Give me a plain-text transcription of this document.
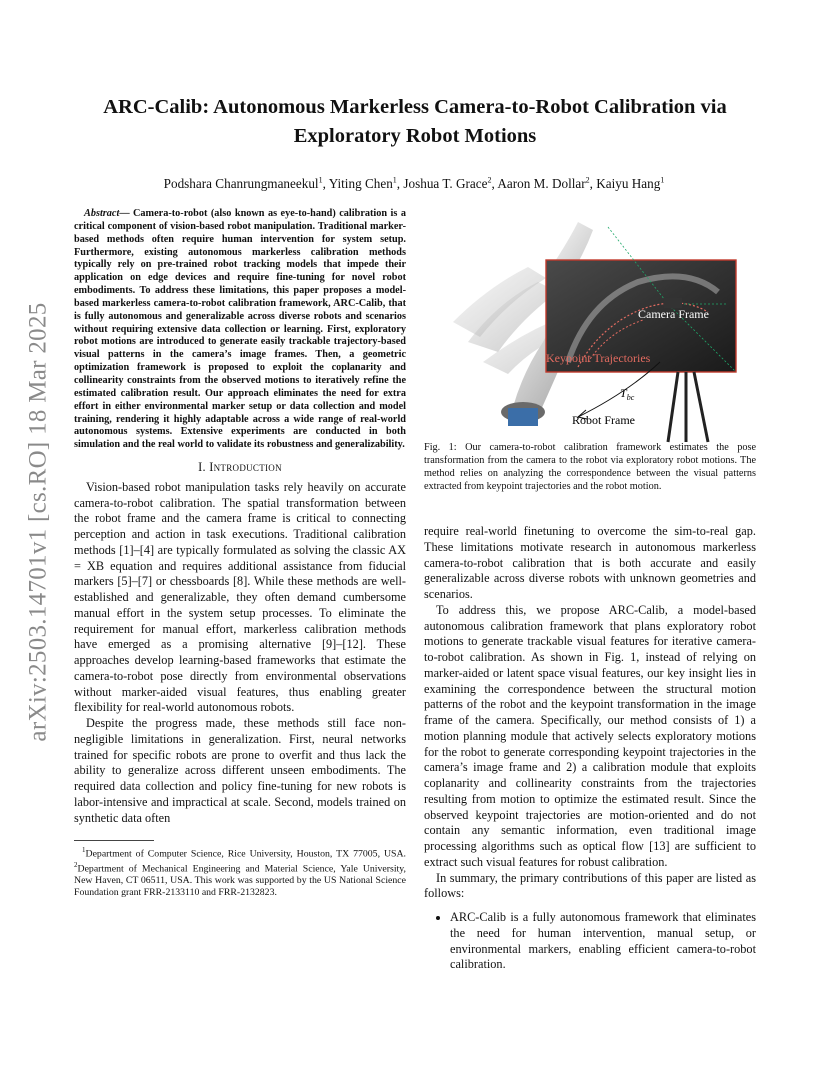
arXiv:2503.14701v1 [cs.RO] 18 Mar 2025
ARC-Calib: Autonomous Markerless Camera-to-Robot Calibration via
Exploratory Robot Motions
Podshara Chanrungmaneekul$^1$, Yiting Chen$^1$, Joshua T. Grace$^2$, Aaron M. Dollar$^2$, Kaiyu Hang$^1$

Abstract— Camera-to-robot (also known as eye-to-hand) calibration is a critical component of vision-based robot manipulation. Traditional marker-based methods often require human intervention for system setup. Furthermore, existing autonomous markerless calibration methods typically rely on pre-trained robot tracking models that impede their application on edge devices and require fine-tuning for novel robot embodiments. To address these limitations, this paper proposes a model-based markerless camera-to-robot calibration framework, ARC-Calib, that is fully autonomous and generalizable across diverse robots and scenarios without requiring extensive data collection or learning. First, exploratory robot motions are introduced to generate easily trackable trajectory-based visual patterns in the camera’s image frames. Then, a geometric optimization framework is proposed to exploit the coplanarity and collinearity constraints from the observed motions to iteratively refine the estimated calibration result. Our approach eliminates the need for extra effort in either environmental marker setup or data collection and model training, rendering it highly adaptable across a wide range of real-world autonomous systems. Extensive experiments are conducted in both simulation and the real world to validate its robustness and generalizability.

I. Introduction

Vision-based robot manipulation tasks rely heavily on accurate camera-to-robot calibration. The spatial transformation between the robot frame and the camera frame is critical to connecting perception and action in task executions. Traditional calibration methods [1]–[4] are typically formulated as solving the classic AX = XB equation and requires additional assistance from fiducial markers [5]–[7] or chessboards [8]. While these methods are well-established and generalizable, they often demand cumbersome manual effort in the system setup processes. To eliminate the requirement for manual effort, markerless calibration methods have emerged as a promising alternative [9]–[12]. These approaches develop learning-based frameworks that estimate the camera-to-robot pose directly from environmental observations without marker-aided visual features, thus enabling greater flexibility for real-world autonomous robots.

Despite the progress made, these methods still face non-negligible limitations in generalization. First, neural networks trained for specific robots are prone to overfit and thus lack the ability to generalize across different unseen embodiments. The required data collection and policy fine-tuning for new robots is labor-intensive and impractical at scale. Second, models trained on synthetic data often

$^1$Department of Computer Science, Rice University, Houston, TX 77005, USA. $^2$Department of Mechanical Engineering and Material Science, Yale University, New Haven, CT 06511, USA. This work was supported by the US National Science Foundation grant FRR-2133110 and FRR-2132823.

Camera Frame
Keypoint Trajectories
$T_{bc}$
Robot Frame
Fig. 1: Our camera-to-robot calibration framework estimates the pose transformation from the camera to the robot via exploratory robot motions. The method relies on analyzing the correspondence between the visual patterns extracted from keypoint trajectories and the robot motion.

require real-world finetuning to overcome the sim-to-real gap. These limitations motivate research in autonomous markerless camera-to-robot calibration that is both accurate and easily generalizable across diverse robots with unknown geometries and scenarios.

To address this, we propose ARC-Calib, a model-based autonomous calibration framework that plans exploratory robot motions to generate trackable visual features for iterative camera-to-robot calibration. As shown in Fig. 1, instead of relying on marker-aided or latent space visual features, our key insight lies in examining the correspondence between the structural motion patterns of the robot and the keypoint transformation in the image frame of the camera. Specifically, our method consists of 1) a motion planning module that actively selects exploratory motions for the robot to generate corresponding keypoint trajectories in the camera’s image frame and 2) a calibration module that exploits coplanarity and collinearity constraints from the trajectories resulting from motion to optimize the estimated result. Since the observed keypoint trajectories are motion-oriented and do not contain any semantic information, even traditional image processing algorithms such as optical flow [13] are sufficient to extract such visual features for robust calibration.

In summary, the primary contributions of this paper are listed as follows:

• ARC-Calib is a fully autonomous framework that eliminates the need for human intervention, manual setup, or environmental markers, enabling efficient camera-to-robot calibration.
